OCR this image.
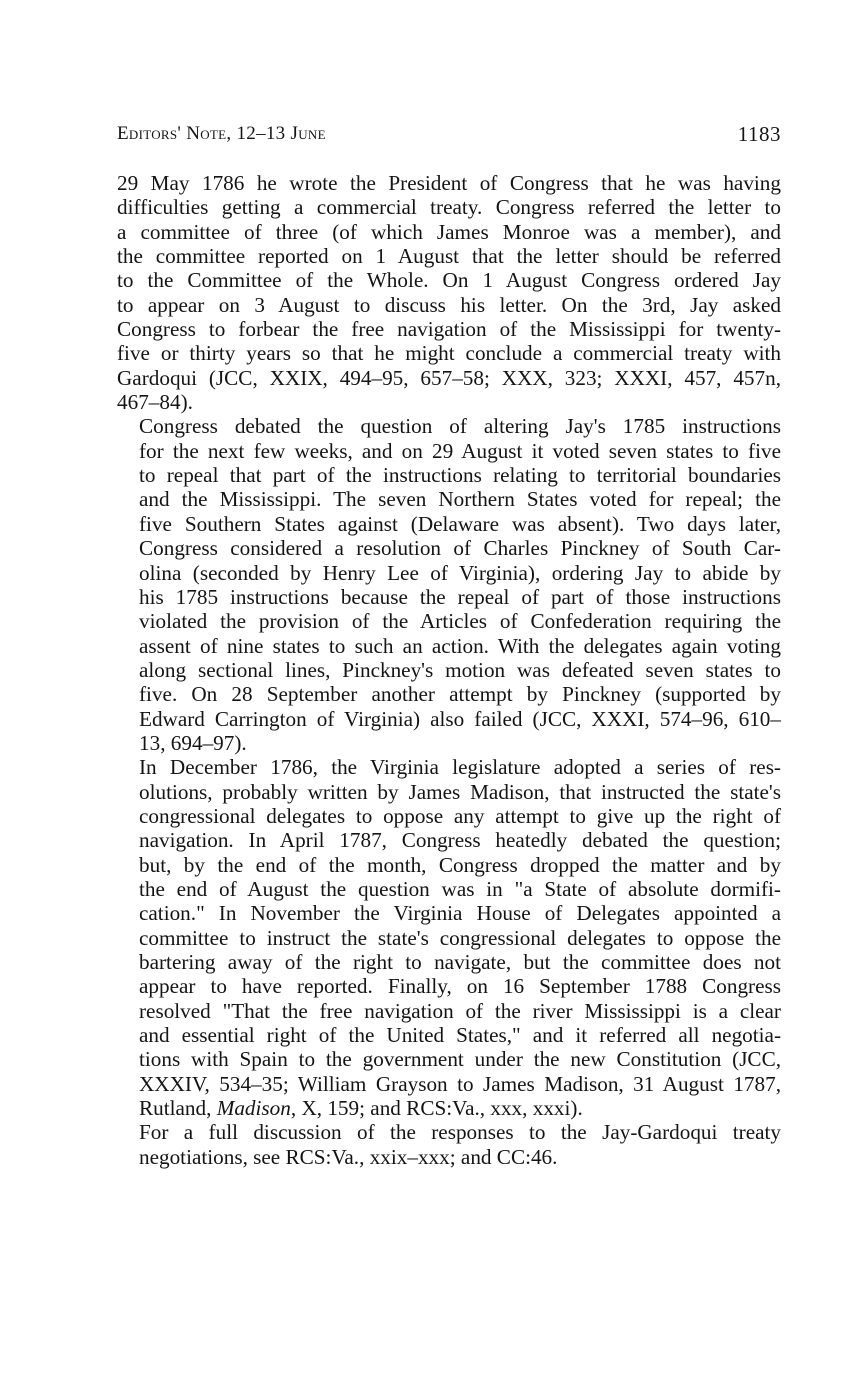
Editors' Note, 12–13 June	1183

29 May 1786 he wrote the President of Congress that he was having
difficulties getting a commercial treaty. Congress referred the letter to
a committee of three (of which James Monroe was a member), and
the committee reported on 1 August that the letter should be referred
to the Committee of the Whole. On 1 August Congress ordered Jay
to appear on 3 August to discuss his letter. On the 3rd, Jay asked
Congress to forbear the free navigation of the Mississippi for twenty-
five or thirty years so that he might conclude a commercial treaty with
Gardoqui (JCC, XXIX, 494–95, 657–58; XXX, 323; XXXI, 457, 457n,
467–84).

Congress debated the question of altering Jay's 1785 instructions
for the next few weeks, and on 29 August it voted seven states to five
to repeal that part of the instructions relating to territorial boundaries
and the Mississippi. The seven Northern States voted for repeal; the
five Southern States against (Delaware was absent). Two days later,
Congress considered a resolution of Charles Pinckney of South Car-
olina (seconded by Henry Lee of Virginia), ordering Jay to abide by
his 1785 instructions because the repeal of part of those instructions
violated the provision of the Articles of Confederation requiring the
assent of nine states to such an action. With the delegates again voting
along sectional lines, Pinckney's motion was defeated seven states to
five. On 28 September another attempt by Pinckney (supported by
Edward Carrington of Virginia) also failed (JCC, XXXI, 574–96, 610–
13, 694–97).

In December 1786, the Virginia legislature adopted a series of res-
olutions, probably written by James Madison, that instructed the state's
congressional delegates to oppose any attempt to give up the right of
navigation. In April 1787, Congress heatedly debated the question;
but, by the end of the month, Congress dropped the matter and by
the end of August the question was in "a State of absolute dormifi-
cation." In November the Virginia House of Delegates appointed a
committee to instruct the state's congressional delegates to oppose the
bartering away of the right to navigate, but the committee does not
appear to have reported. Finally, on 16 September 1788 Congress
resolved "That the free navigation of the river Mississippi is a clear
and essential right of the United States," and it referred all negotia-
tions with Spain to the government under the new Constitution (JCC,
XXXIV, 534–35; William Grayson to James Madison, 31 August 1787,
Rutland, Madison, X, 159; and RCS:Va., xxx, xxxi).

For a full discussion of the responses to the Jay-Gardoqui treaty
negotiations, see RCS:Va., xxix–xxx; and CC:46.
